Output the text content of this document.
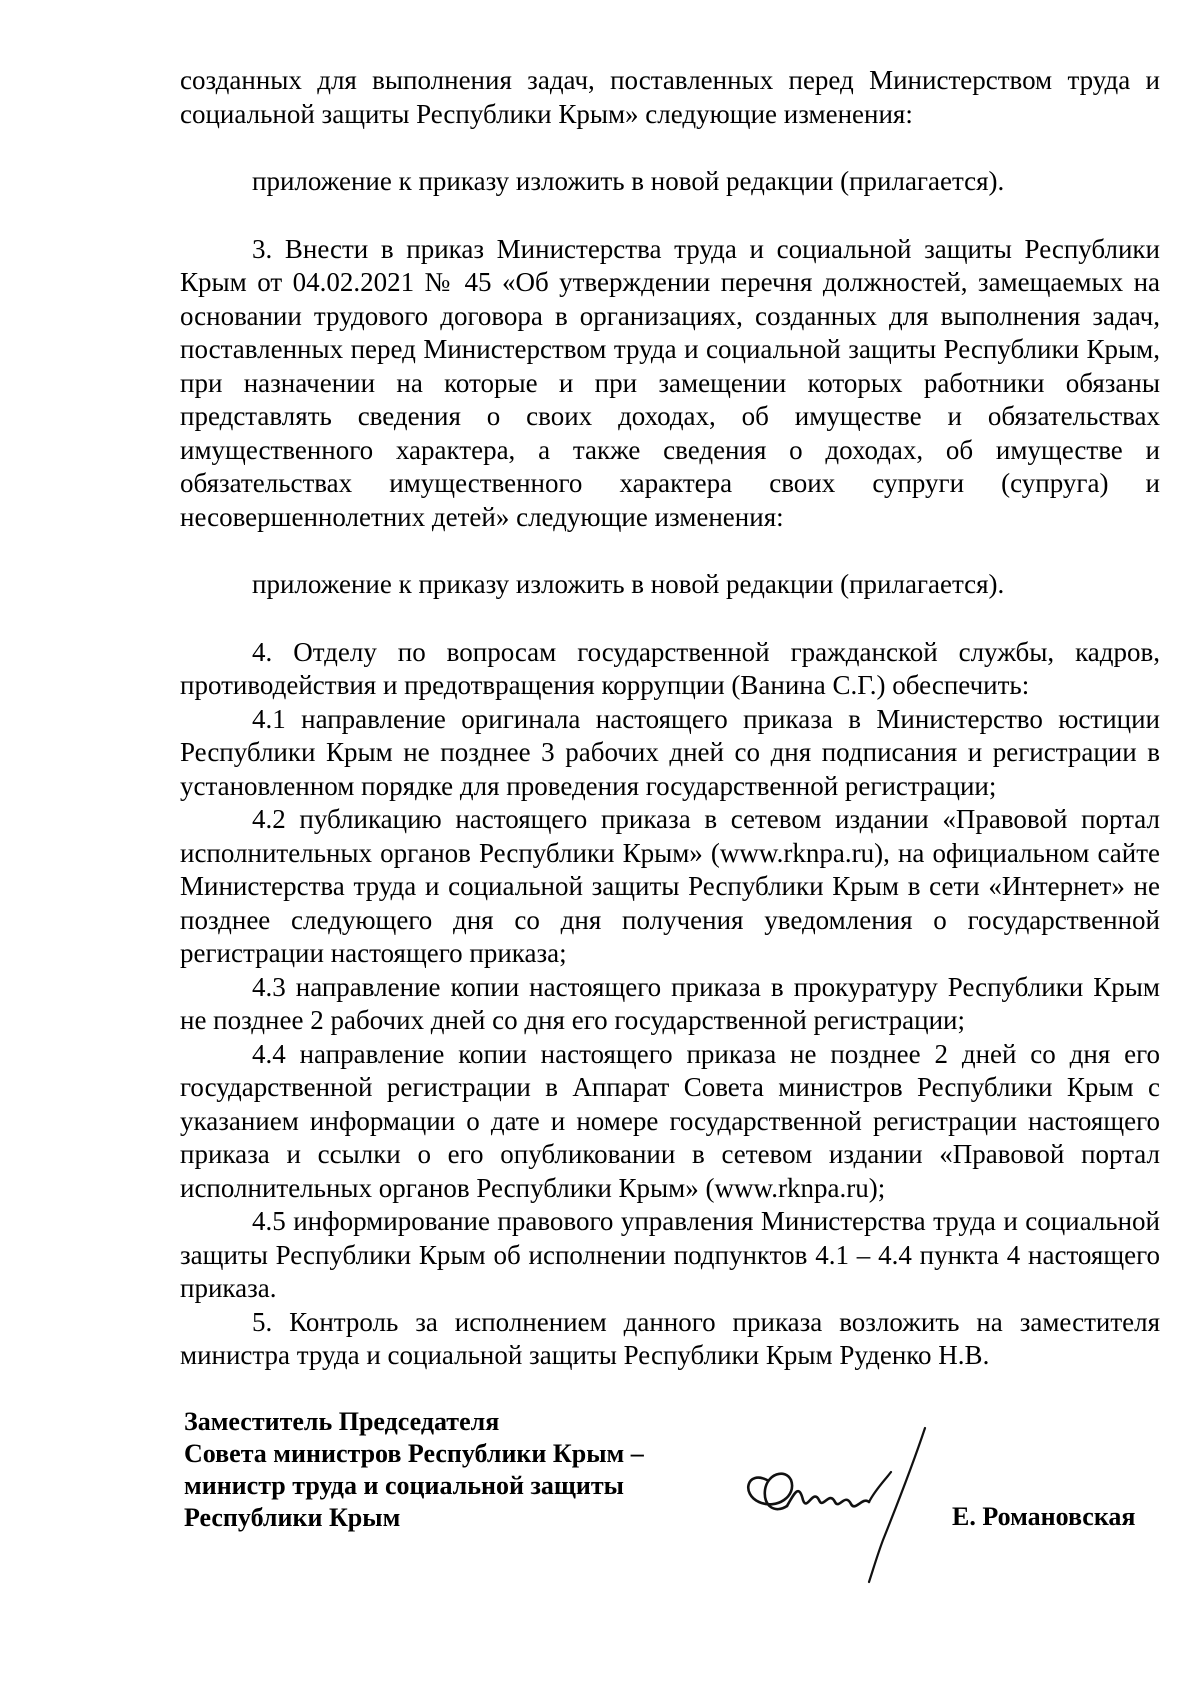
созданных для выполнения задач, поставленных перед Министерством труда и социальной защиты Республики Крым» следующие изменения:

приложение к приказу изложить в новой редакции (прилагается).

3. Внести в приказ Министерства труда и социальной защиты Республики Крым от 04.02.2021 № 45 «Об утверждении перечня должностей, замещаемых на основании трудового договора в организациях, созданных для выполнения задач, поставленных перед Министерством труда и социальной защиты Республики Крым, при назначении на которые и при замещении которых работники обязаны представлять сведения о своих доходах, об имуществе и обязательствах имущественного характера, а также сведения о доходах, об имуществе и обязательствах имущественного характера своих супруги (супруга) и несовершеннолетних детей» следующие изменения:

приложение к приказу изложить в новой редакции (прилагается).

4. Отделу по вопросам государственной гражданской службы, кадров, противодействия и предотвращения коррупции (Ванина С.Г.) обеспечить:

4.1 направление оригинала настоящего приказа в Министерство юстиции Республики Крым не позднее 3 рабочих дней со дня подписания и регистрации в установленном порядке для проведения государственной регистрации;

4.2 публикацию настоящего приказа в сетевом издании «Правовой портал исполнительных органов Республики Крым» (www.rknpa.ru), на официальном сайте Министерства труда и социальной защиты Республики Крым в сети «Интернет» не позднее следующего дня со дня получения уведомления о государственной регистрации настоящего приказа;

4.3 направление копии настоящего приказа в прокуратуру Республики Крым не позднее 2 рабочих дней со дня его государственной регистрации;

4.4 направление копии настоящего приказа не позднее 2 дней со дня его государственной регистрации в Аппарат Совета министров Республики Крым с указанием информации о дате и номере государственной регистрации настоящего приказа и ссылки о его опубликовании в сетевом издании «Правовой портал исполнительных органов Республики Крым» (www.rknpa.ru);

4.5 информирование правового управления Министерства труда и социальной защиты Республики Крым об исполнении подпунктов 4.1 – 4.4 пункта 4 настоящего приказа.

5. Контроль за исполнением данного приказа возложить на заместителя министра труда и социальной защиты Республики Крым Руденко Н.В.

Заместитель Председателя
Совета министров Республики Крым –
министр труда и социальной защиты
Республики Крым	Е. Романовская
